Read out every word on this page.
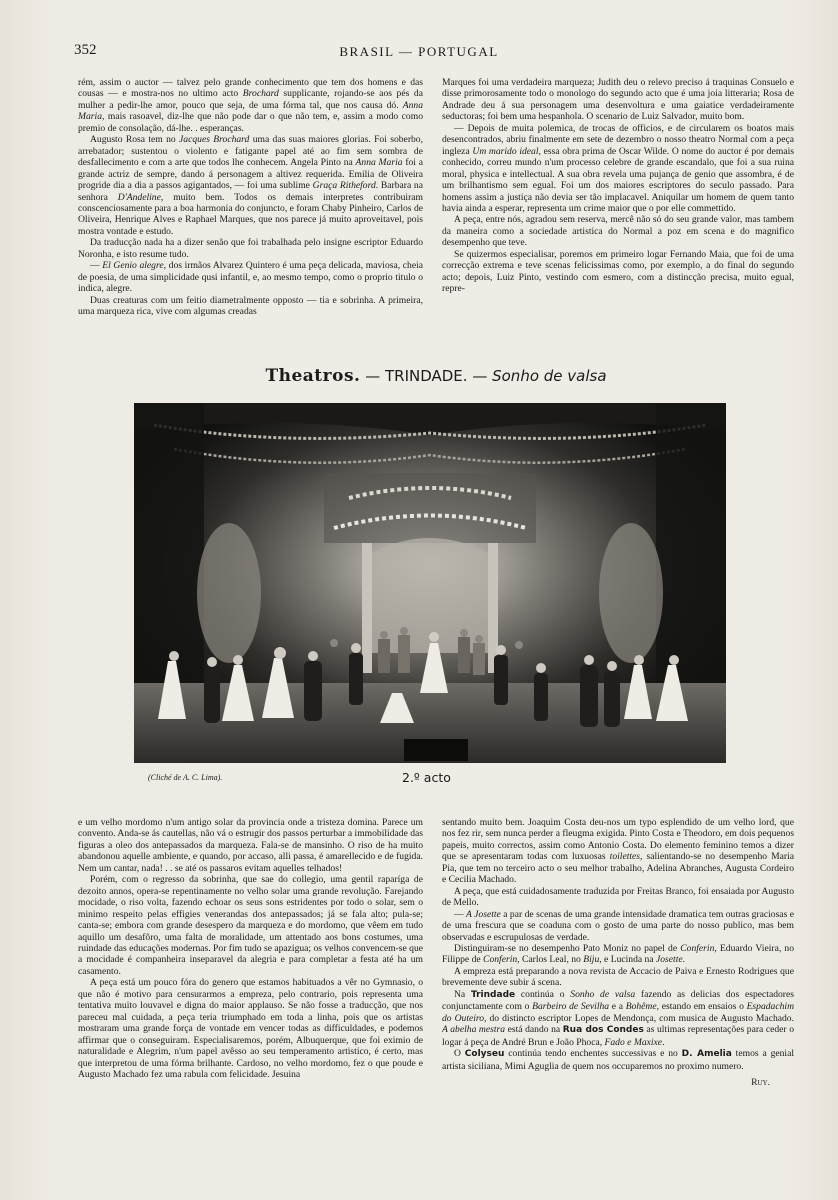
352	BRASIL — PORTUGAL

rém, assim o auctor — talvez pelo grande conhecimento que tem dos homens e das cousas — e mostra-nos no ultimo acto Brochard supplicante, rojando-se aos pés da mulher a pedir-lhe amor, pouco que seja, de uma fórma tal, que nos causa dó. Anna Maria, mais rasoavel, diz-lhe que não pode dar o que não tem, e, assim a modo como premio de consolação, dá-lhe. . esperanças.

Augusto Rosa tem no Jacques Brochard uma das suas maiores glorias. Foi soberbo, arrebatador; sustentou o violento e fatigante papel até ao fim sem sombra de desfallecimento e com a arte que todos lhe conhecem. Angela Pinto na Anna Maria foi a grande actriz de sempre, dando á personagem a altivez requerida. Emilia de Oliveira progride dia a dia a passos agigantados, — foi uma sublime Graça Ritheford. Barbara na senhora D'Andeline, muito bem. Todos os demais interpretes contribuiram conscenciosamente para a boa harmonia do conjuncto, e foram Chaby Pinheiro, Carlos de Oliveira, Henrique Alves e Raphael Marques, que nos parece já muito aproveitavel, pois mostra vontade e estudo.

Da traducção nada ha a dizer senão que foi trabalhada pelo insigne escriptor Eduardo Noronha, e isto resume tudo.

— El Genio alegre, dos irmãos Alvarez Quintero é uma peça delicada, maviosa, cheia de poesia, de uma simplicidade qusi infantil, e, ao mesmo tempo, como o proprio titulo o indica, alegre.

Duas creaturas com um feitio diametralmente opposto — tia e sobrinha. A primeira, uma marqueza rica, vive com algumas creadas

Marques foi uma verdadeira marqueza; Judith deu o relevo preciso á traquinas Consuelo e disse primorosamente todo o monologo do segundo acto que é uma joia litteraria; Rosa de Andrade deu á sua personagem uma desenvoltura e uma gaiatice verdadeiramente seductoras; foi bem uma hespanhola. O scenario de Luiz Salvador, muito bom.

— Depois de muita polemica, de trocas de officios, e de circularem os boatos mais desencontrados, abriu finalmente em sete de dezembro o nosso theatro Normal com a peça ingleza Um marido ideal, essa obra prima de Oscar Wilde. O nome do auctor é por demais conhecido, correu mundo n'um processo celebre de grande escandalo, que foi a sua ruina moral, physica e intellectual. A sua obra revela uma pujança de genio que assombra, é de um brilhantismo sem egual. Foi um dos maiores escriptores do seculo passado. Para homens assim a justiça não devia ser tão implacavel. Aniquilar um homem de quem tanto havia ainda a esperar, representa um crime maior que o por elle commettido.

A peça, entre nós, agradou sem reserva, mercê não só do seu grande valor, mas tambem da maneira como a sociedade artistica do Normal a poz em scena e do magnifico desempenho que teve.

Se quizermos especialisar, poremos em primeiro logar Fernando Maia, que foi de uma correcção extrema e teve scenas felicissimas como, por exemplo, a do final do segundo acto; depois, Luiz Pinto, vestindo com esmero, com a distincção precisa, muito egual, repre-

Theatros. — TRINDADE. — Sonho de valsa
(Cliché de A. C. Lima).	2.º acto

e um velho mordomo n'um antigo solar da provincia onde a tristeza domina. Parece um convento. Anda-se ás cautellas, não vá o estrugir dos passos perturbar a immobilidade das figuras a oleo dos antepassados da marqueza. Fala-se de mansinho. O riso de ha muito abandonou aquelle ambiente, e quando, por accaso, alli passa, é amarellecido e de fugida. Nem um cantar, nada! . . se até os passaros evitam aquelles telhados!

Porém, com o regresso da sobrinha, que sae do collegio, uma gentil raparíga de dezoito annos, opera-se repentinamente no velho solar uma grande revolução. Farejando mocidade, o riso volta, fazendo echoar os seus sons estridentes por todo o solar, sem o minimo respeito pelas effigies venerandas dos antepassados; já se fala alto; pula-se; canta-se; embora com grande desespero da marqueza e do mordomo, que vêem em tudo aquillo um desafôro, uma falta de moralidade, um attentado aos bons costumes, uma ruindade das educações modernas. Por fim tudo se apaziguа; os velhos convencem-se que a mocidade é companheira inseparavel da alegria e para completar a festa até ha um casamento.

A peça está um pouco fóra do genero que estamos habituados a vêr no Gymnasio, o que não é motivo para censurarmos a empreza, pelo contrario, pois representa uma tentativa muito louvavel e digna do maior applauso. Se não fosse a traducção, que nos pareceu mal cuidada, a peça teria triumphado em toda a linha, pois que os artistas mostraram uma grande força de vontade em vencer todas as difficuldades, e podemos affirmar que o conseguiram. Especialisaremos, porém, Albuquerque, que foi eximio de naturalidade e Alegrim, n'um papel avêsso ao seu temperamento artistico, é certo, mas que interpretou de uma fórma brilhante. Cardoso, no velho mordomo, fez o que poude e Augusto Machado fez uma rabula com felicidade. Jesuina

sentando muito bem. Joaquim Costa deu-nos um typo esplendido de um velho lord, que nos fez rir, sem nunca perder a fleugma exigida. Pinto Costa e Theodoro, em dois pequenos papeis, muito correctos, assim como Antonio Costa. Do elemento feminino temos a dizer que se apresentaram todas com luxuosas toilettes, salientando-se no desempenho Maria Pia, que tem no terceiro acto o seu melhor trabalho, Adelina Abranches, Augusta Cordeiro e Cecilia Machado.

A peça, que está cuidadosamente traduzida por Freitas Branco, foi ensaiada por Augusto de Mello.

— A Josette a par de scenas de uma grande intensidade dramatica tem outras graciosas e de uma frescura que se coaduna com o gosto de uma parte do nosso publico, mas bem observadas e escrupulosas de verdade.

Distinguiram-se no desempenho Pato Moniz no papel de Conferin, Eduardo Vieira, no Filippe de Conferin, Carlos Leal, no Biju, e Lucinda na Josette.

A empreza está preparando a nova revista de Accacio de Paiva e Ernesto Rodrigues que brevemente deve subir á scena.

Na Trindade continúa o Sonho de valsa fazendo as delicias dos espectadores conjunctamente com o Barbeiro de Sevilha e a Bohême, estando em ensaios o Espadachim do Outeiro, do distincto escriptor Lopes de Mendonça, com musica de Augusto Machado. A abelha mestra está dando na Rua dos Condes as ultimas representações para ceder o logar á peça de André Brun e João Phoca, Fado e Maxixe.

O Colyseu continúa tendo enchentes successivas e no D. Amelia temos a genial artista siciliana, Mimi Aguglia de quem nos occuparemos no proximo numero.

Ruy.
